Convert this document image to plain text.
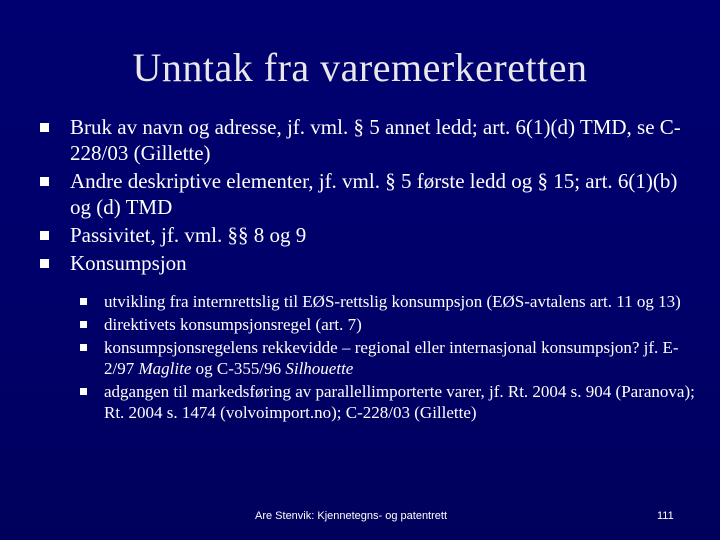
Unntak fra varemerkeretten
Bruk av navn og adresse, jf. vml. § 5 annet ledd; art. 6(1)(d) TMD, se C-228/03 (Gillette)
Andre deskriptive elementer, jf. vml. § 5 første ledd og § 15; art. 6(1)(b) og (d) TMD
Passivitet, jf. vml. §§ 8 og 9
Konsumpsjon
utvikling fra internrettslig til EØS-rettslig konsumpsjon (EØS-avtalens art. 11 og 13)
direktivets konsumpsjonsregel (art. 7)
konsumpsjonsregelens rekkevidde – regional eller internasjonal konsumpsjon? jf. E-2/97 Maglite og C-355/96 Silhouette
adgangen til markedsføring av parallellimporterte varer, jf. Rt. 2004 s. 904 (Paranova); Rt. 2004 s. 1474 (volvoimport.no); C-228/03 (Gillette)
Are Stenvik: Kjennetegns- og patentrett	111
